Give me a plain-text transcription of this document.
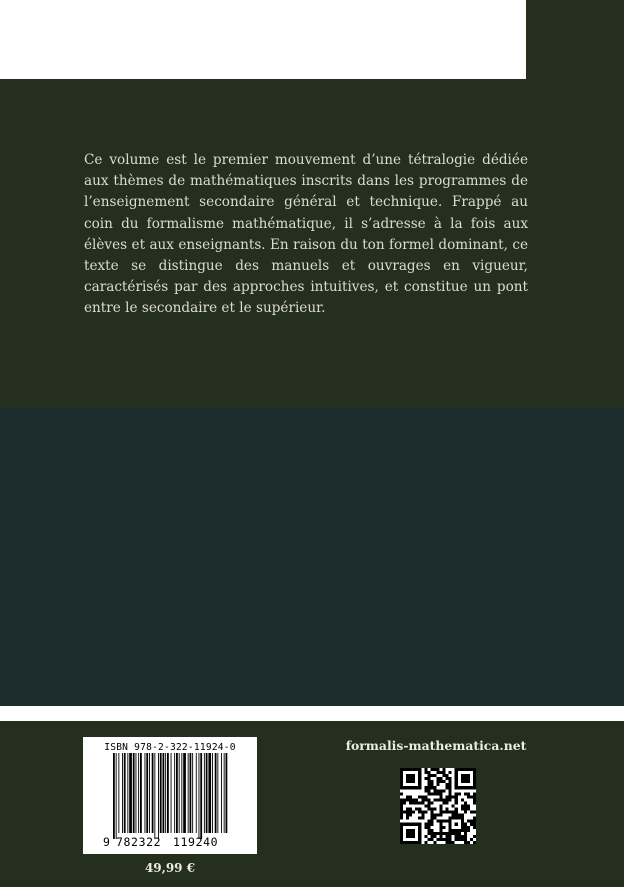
Ce volume est le premier mouvement d’une tétralogie dédiée aux thèmes de mathématiques inscrits dans les programmes de l’enseignement secondaire général et technique. Frappé au coin du formalisme mathématique, il s’adresse à la fois aux élèves et aux enseignants. En raison du ton formel dominant, ce texte se distingue des manuels et ouvrages en vigueur, caractérisés par des approches intuitives, et constitue un pont entre le secondaire et le supérieur.

ISBN 978-2-322-11924-0
9 782322 119240
49,99 €
formalis-mathematica.net
